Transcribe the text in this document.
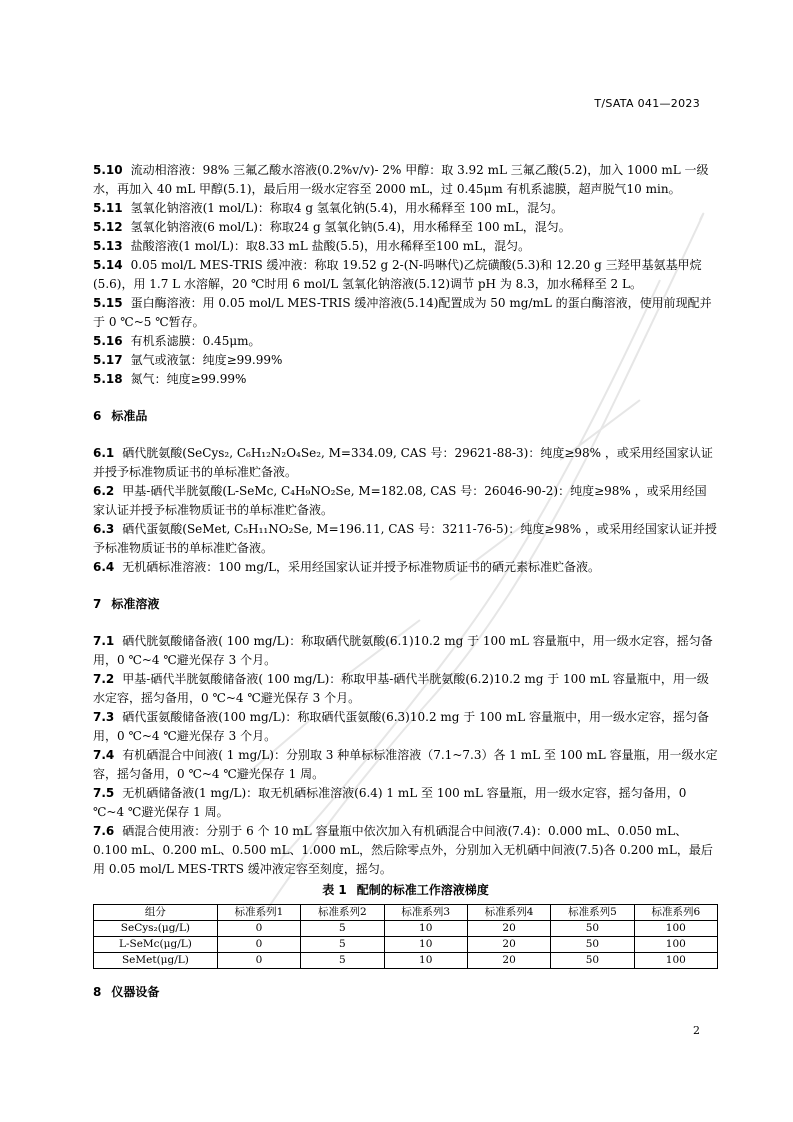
T/SATA 041—2023

5.10 流动相溶液：98% 三氟乙酸水溶液(0.2%v/v)- 2% 甲醇：取 3.92 mL 三氟乙酸(5.2)，加入 1000 mL 一级水，再加入 40 mL 甲醇(5.1)，最后用一级水定容至 2000 mL，过 0.45μm 有机系滤膜，超声脱气10 min。

5.11 氢氧化钠溶液(1 mol/L)：称取4 g 氢氧化钠(5.4)，用水稀释至 100 mL，混匀。

5.12 氢氧化钠溶液(6 mol/L)：称取24 g 氢氧化钠(5.4)，用水稀释至 100 mL，混匀。

5.13 盐酸溶液(1 mol/L)：取8.33 mL 盐酸(5.5)，用水稀释至100 mL，混匀。

5.14 0.05 mol/L MES-TRIS 缓冲液：称取 19.52 g 2-(N-吗啉代)乙烷磺酸(5.3)和 12.20 g 三羟甲基氨基甲烷(5.6)，用 1.7 L 水溶解，20 ℃时用 6 mol/L 氢氧化钠溶液(5.12)调节 pH 为 8.3，加水稀释至 2 L。

5.15 蛋白酶溶液：用 0.05 mol/L MES-TRIS 缓冲溶液(5.14)配置成为 50 mg/mL 的蛋白酶溶液，使用前现配并于 0 ℃~5 ℃暂存。

5.16 有机系滤膜：0.45μm。

5.17 氩气或液氩：纯度≥99.99%

5.18 氮气：纯度≥99.99%

6 标准品

6.1 硒代胱氨酸(SeCys₂, C₆H₁₂N₂O₄Se₂, M=334.09, CAS 号：29621-88-3)：纯度≥98% ，或采用经国家认证并授予标准物质证书的单标准贮备液。

6.2 甲基-硒代半胱氨酸(L-SeMc, C₄H₉NO₂Se, M=182.08, CAS 号：26046-90-2)：纯度≥98% ，或采用经国家认证并授予标准物质证书的单标准贮备液。

6.3 硒代蛋氨酸(SeMet, C₅H₁₁NO₂Se, M=196.11, CAS 号：3211-76-5)：纯度≥98% ，或采用经国家认证并授予标准物质证书的单标准贮备液。

6.4 无机硒标准溶液：100 mg/L，采用经国家认证并授予标准物质证书的硒元素标准贮备液。

7 标准溶液

7.1 硒代胱氨酸储备液( 100 mg/L)：称取硒代胱氨酸(6.1)10.2 mg 于 100 mL 容量瓶中，用一级水定容，摇匀备用，0 ℃~4 ℃避光保存 3 个月。

7.2 甲基-硒代半胱氨酸储备液( 100 mg/L)：称取甲基-硒代半胱氨酸(6.2)10.2 mg 于 100 mL 容量瓶中，用一级水定容，摇匀备用，0 ℃~4 ℃避光保存 3 个月。

7.3 硒代蛋氨酸储备液(100 mg/L)：称取硒代蛋氨酸(6.3)10.2 mg 于 100 mL 容量瓶中，用一级水定容，摇匀备用，0 ℃~4 ℃避光保存 3 个月。

7.4 有机硒混合中间液( 1 mg/L)：分别取 3 种单标标准溶液（7.1~7.3）各 1 mL 至 100 mL 容量瓶，用一级水定容，摇匀备用，0 ℃~4 ℃避光保存 1 周。

7.5 无机硒储备液(1 mg/L)：取无机硒标准溶液(6.4) 1 mL 至 100 mL 容量瓶，用一级水定容，摇匀备用，0 ℃~4 ℃避光保存 1 周。

7.6 硒混合使用液：分别于 6 个 10 mL 容量瓶中依次加入有机硒混合中间液(7.4)：0.000 mL、0.050 mL、0.100 mL、0.200 mL、0.500 mL、1.000 mL，然后除零点外，分别加入无机硒中间液(7.5)各 0.200 mL，最后用 0.05 mol/L MES-TRTS 缓冲液定容至刻度，摇匀。

表 1 配制的标准工作溶液梯度

组分	标准系列1	标准系列2	标准系列3	标准系列4	标准系列5	标准系列6
SeCys₂(μg/L)	0	5	10	20	50	100
L-SeMc(μg/L)	0	5	10	20	50	100
SeMet(μg/L)	0	5	10	20	50	100

8 仪器设备

2
